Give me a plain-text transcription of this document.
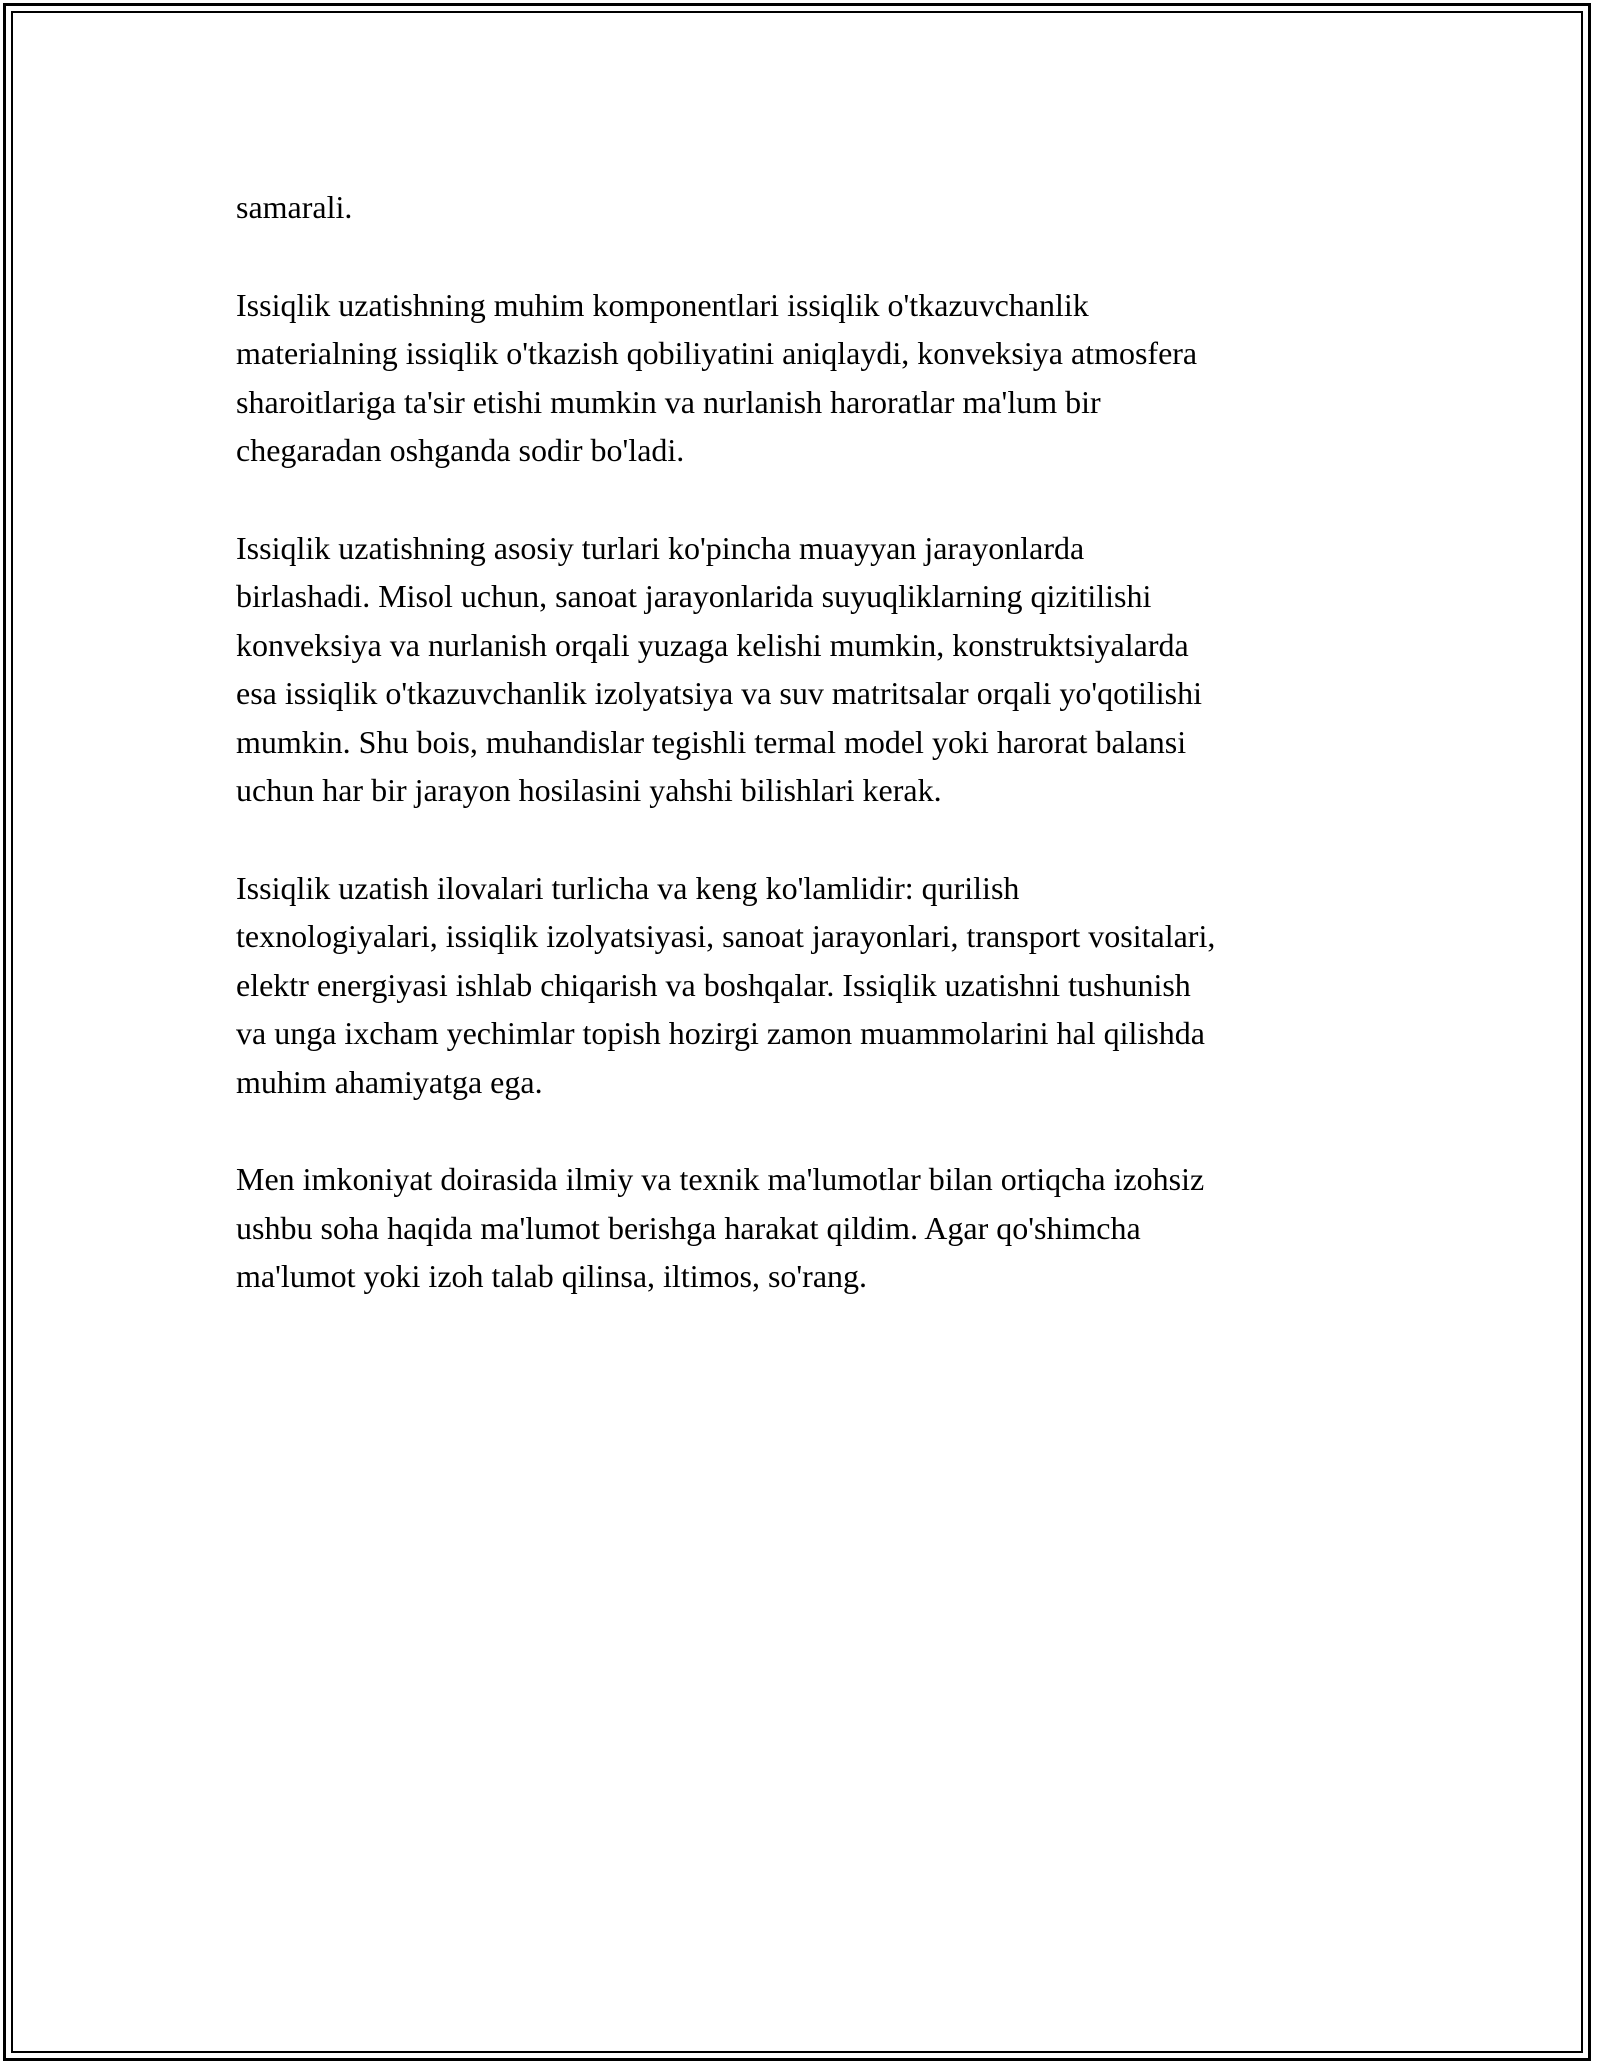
samarali.

Issiqlik uzatishning muhim komponentlari issiqlik o'tkazuvchanlik
materialning issiqlik o'tkazish qobiliyatini aniqlaydi, konveksiya atmosfera
sharoitlariga ta'sir etishi mumkin va nurlanish haroratlar ma'lum bir
chegaradan oshganda sodir bo'ladi.

Issiqlik uzatishning asosiy turlari ko'pincha muayyan jarayonlarda
birlashadi. Misol uchun, sanoat jarayonlarida suyuqliklarning qizitilishi
konveksiya va nurlanish orqali yuzaga kelishi mumkin, konstruktsiyalarda
esa issiqlik o'tkazuvchanlik izolyatsiya va suv matritsalar orqali yo'qotilishi
mumkin. Shu bois, muhandislar tegishli termal model yoki harorat balansi
uchun har bir jarayon hosilasini yahshi bilishlari kerak.

Issiqlik uzatish ilovalari turlicha va keng ko'lamlidir: qurilish
texnologiyalari, issiqlik izolyatsiyasi, sanoat jarayonlari, transport vositalari,
elektr energiyasi ishlab chiqarish va boshqalar. Issiqlik uzatishni tushunish
va unga ixcham yechimlar topish hozirgi zamon muammolarini hal qilishda
muhim ahamiyatga ega.

Men imkoniyat doirasida ilmiy va texnik ma'lumotlar bilan ortiqcha izohsiz
ushbu soha haqida ma'lumot berishga harakat qildim. Agar qo'shimcha
ma'lumot yoki izoh talab qilinsa, iltimos, so'rang.
